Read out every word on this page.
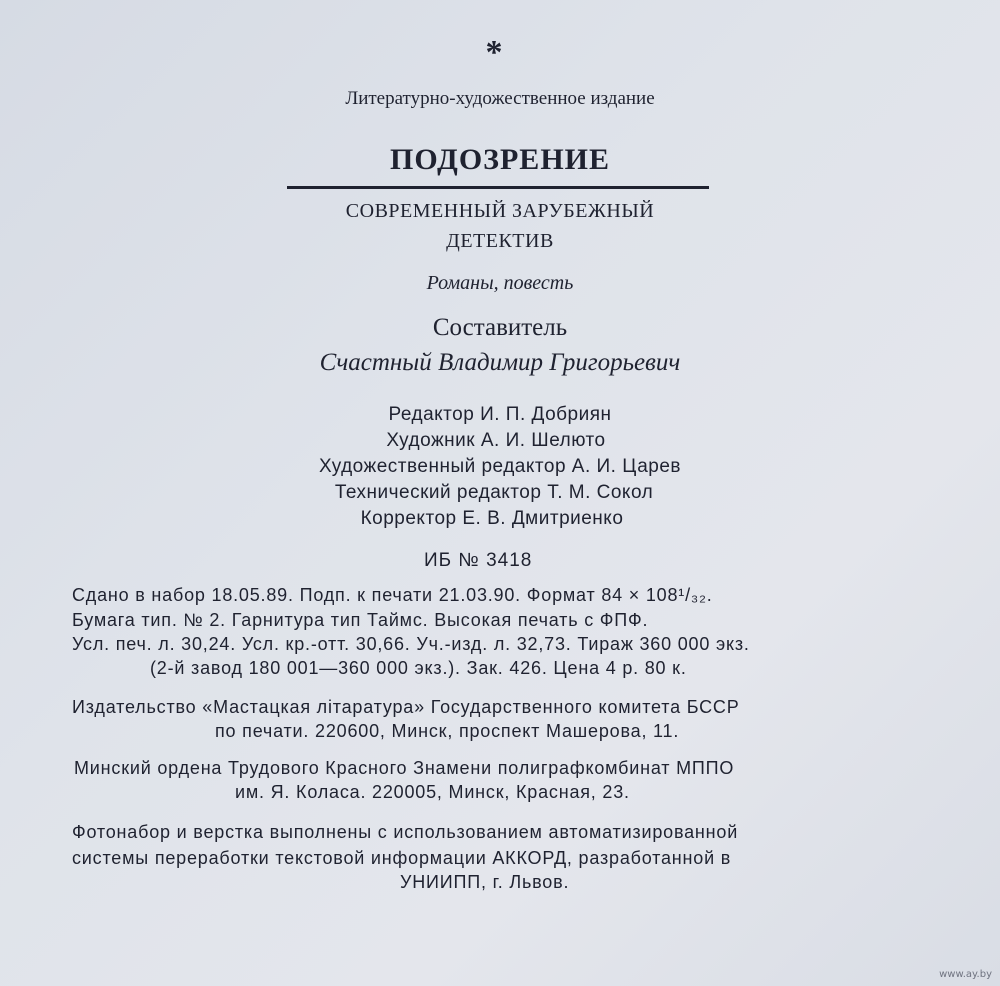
*
Литературно-художественное издание
ПОДОЗРЕНИЕ
СОВРЕМЕННЫЙ ЗАРУБЕЖНЫЙ
ДЕТЕКТИВ
Романы, повесть
Составитель
Счастный Владимир Григорьевич
Редактор И. П. Добриян
Художник А. И. Шелюто
Художественный редактор А. И. Царев
Технический редактор Т. М. Сокол
Корректор Е. В. Дмитриенко
ИБ № 3418
Сдано в набор 18.05.89. Подп. к печати 21.03.90. Формат 84 × 108¹/₃₂.
Бумага тип. № 2. Гарнитура тип Таймс. Высокая печать с ФПФ.
Усл. печ. л. 30,24. Усл. кр.-отт. 30,66. Уч.-изд. л. 32,73. Тираж 360 000 экз.
(2-й завод 180 001—360 000 экз.). Зак. 426. Цена 4 р. 80 к.
Издательство «Мастацкая літаратура» Государственного комитета БССР
по печати. 220600, Минск, проспект Машерова, 11.
Минский ордена Трудового Красного Знамени полиграфкомбинат МППО
им. Я. Коласа. 220005, Минск, Красная, 23.
Фотонабор и верстка выполнены с использованием автоматизированной
системы переработки текстовой информации АККОРД, разработанной в
УНИИПП, г. Львов.
www.ay.by
